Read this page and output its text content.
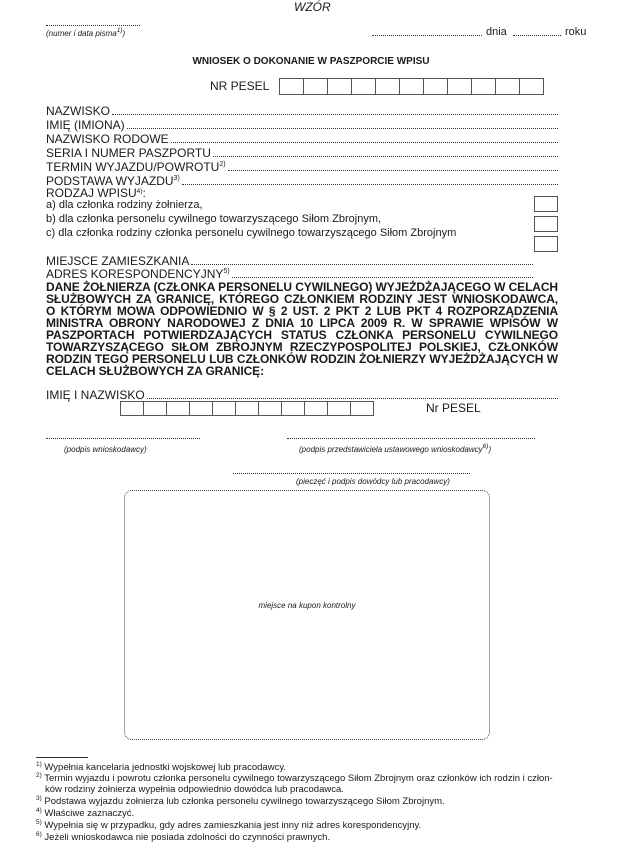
WZÓR
(numer i data pisma$^{1)}$)	dnia	roku
WNIOSEK O DOKONANIE W PASZPORCIE WPISU
NR PESEL
NAZWISKO
IMIĘ (IMIONA)
NAZWISKO RODOWE
SERIA I NUMER PASZPORTU
TERMIN WYJAZDU/POWROTU$^{2)}$
PODSTAWA WYJAZDU$^{3)}$
RODZAJ WPISU$^{4)}$:
a) dla członka rodziny żołnierza,
b) dla członka personelu cywilnego towarzyszącego Siłom Zbrojnym,
c) dla członka rodziny członka personelu cywilnego towarzyszącego Siłom Zbrojnym
MIEJSCE ZAMIESZKANIA
ADRES KORESPONDENCYJNY$^{5)}$
DANE ŻOŁNIERZA (CZŁONKA PERSONELU CYWILNEGO) WYJEŻDŻAJĄCEGO W CELACH SŁUŻBOWYCH ZA GRANICĘ, KTÓREGO CZŁONKIEM RODZINY JEST WNIOSKODAWCA, O KTÓRYM MOWA ODPOWIEDNIO W § 2 UST. 2 PKT 2 LUB PKT 4 ROZPORZĄDZENIA MINISTRA OBRONY NARODOWEJ Z DNIA 10 LIPCA 2009 R. W SPRAWIE WPISÓW W PASZPORTACH POTWIERDZAJĄCYCH STATUS CZŁONKA PERSONELU CYWILNEGO TOWARZYSZĄCEGO SIŁOM ZBROJNYM RZECZYPOSPOLITEJ POLSKIEJ, CZŁONKÓW RODZIN TEGO PERSONELU LUB CZŁONKÓW RODZIN ŻOŁNIERZY WYJEŻDŻAJĄCYCH W CELACH SŁUŻBOWYCH ZA GRANICĘ:
IMIĘ I NAZWISKO
Nr PESEL
(podpis wnioskodawcy)	(podpis przedstawiciela ustawowego wnioskodawcy$^{6)}$)
(pieczęć i podpis dowódcy lub pracodawcy)
miejsce na kupon kontrolny
$^{1)}$ Wypełnia kancelaria jednostki wojskowej lub pracodawcy.
$^{2)}$ Termin wyjazdu i powrotu członka personelu cywilnego towarzyszącego Siłom Zbrojnym oraz członków ich rodzin i człon-
ków rodziny żołnierza wypełnia odpowiednio dowódca lub pracodawca.
$^{3)}$ Podstawa wyjazdu żołnierza lub członka personelu cywilnego towarzyszącego Siłom Zbrojnym.
$^{4)}$ Właściwe zaznaczyć.
$^{5)}$ Wypełnia się w przypadku, gdy adres zamieszkania jest inny niż adres korespondencyjny.
$^{6)}$ Jeżeli wnioskodawca nie posiada zdolności do czynności prawnych.
